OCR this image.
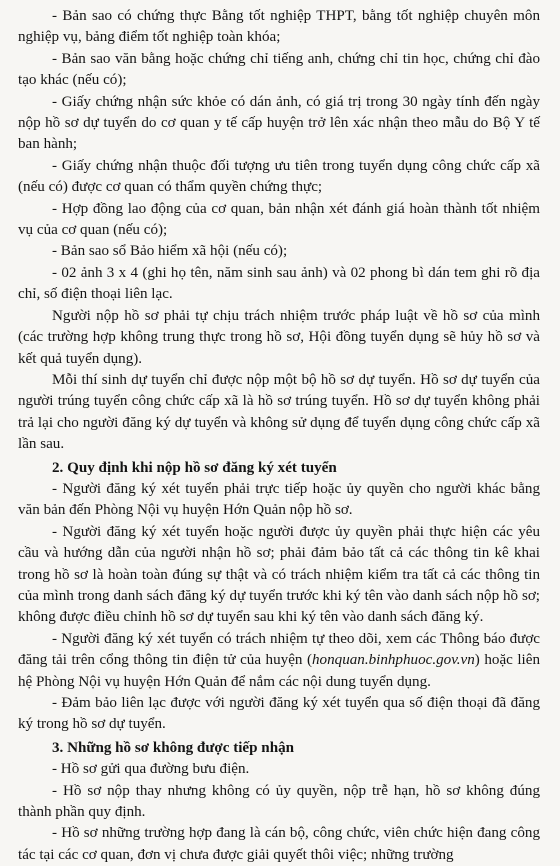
- Bản sao có chứng thực Bằng tốt nghiệp THPT, bằng tốt nghiệp chuyên môn nghiệp vụ, bảng điểm tốt nghiệp toàn khóa;

- Bản sao văn bằng hoặc chứng chỉ tiếng anh, chứng chỉ tin học, chứng chỉ đào tạo khác (nếu có);

- Giấy chứng nhận sức khỏe có dán ảnh, có giá trị trong 30 ngày tính đến ngày nộp hồ sơ dự tuyển do cơ quan y tế cấp huyện trở lên xác nhận theo mẫu do Bộ Y tế ban hành;

- Giấy chứng nhận thuộc đối tượng ưu tiên trong tuyển dụng công chức cấp xã (nếu có) được cơ quan có thẩm quyền chứng thực;

- Hợp đồng lao động của cơ quan, bản nhận xét đánh giá hoàn thành tốt nhiệm vụ của cơ quan (nếu có);

- Bản sao sổ Bảo hiểm xã hội (nếu có);

- 02 ảnh 3 x 4 (ghi họ tên, năm sinh sau ảnh) và 02 phong bì dán tem ghi rõ địa chỉ, số điện thoại liên lạc.

Người nộp hồ sơ phải tự chịu trách nhiệm trước pháp luật về hồ sơ của mình (các trường hợp không trung thực trong hồ sơ, Hội đồng tuyển dụng sẽ hủy hồ sơ và kết quả tuyển dụng).

Mỗi thí sinh dự tuyển chỉ được nộp một bộ hồ sơ dự tuyển. Hồ sơ dự tuyển của người trúng tuyển công chức cấp xã là hồ sơ trúng tuyển. Hồ sơ dự tuyển không phải trả lại cho người đăng ký dự tuyển và không sử dụng để tuyển dụng công chức cấp xã lần sau.

2. Quy định khi nộp hồ sơ đăng ký xét tuyển

- Người đăng ký xét tuyển phải trực tiếp hoặc ủy quyền cho người khác bằng văn bản đến Phòng Nội vụ huyện Hớn Quản nộp hồ sơ.

- Người đăng ký xét tuyển hoặc người được ủy quyền phải thực hiện các yêu cầu và hướng dẫn của người nhận hồ sơ; phải đảm bảo tất cả các thông tin kê khai trong hồ sơ là hoàn toàn đúng sự thật và có trách nhiệm kiểm tra tất cả các thông tin của mình trong danh sách đăng ký dự tuyển trước khi ký tên vào danh sách nộp hồ sơ; không được điều chỉnh hồ sơ dự tuyển sau khi ký tên vào danh sách đăng ký.

- Người đăng ký xét tuyển có trách nhiệm tự theo dõi, xem các Thông báo được đăng tải trên cổng thông tin điện tử của huyện (honquan.binhphuoc.gov.vn) hoặc liên hệ Phòng Nội vụ huyện Hớn Quản để nắm các nội dung tuyển dụng.

- Đảm bảo liên lạc được với người đăng ký xét tuyển qua số điện thoại đã đăng ký trong hồ sơ dự tuyển.

3. Những hồ sơ không được tiếp nhận

- Hồ sơ gửi qua đường bưu điện.

- Hồ sơ nộp thay nhưng không có ủy quyền, nộp trễ hạn, hồ sơ không đúng thành phần quy định.

- Hồ sơ những trường hợp đang là cán bộ, công chức, viên chức hiện đang công tác tại các cơ quan, đơn vị chưa được giải quyết thôi việc; những trường
